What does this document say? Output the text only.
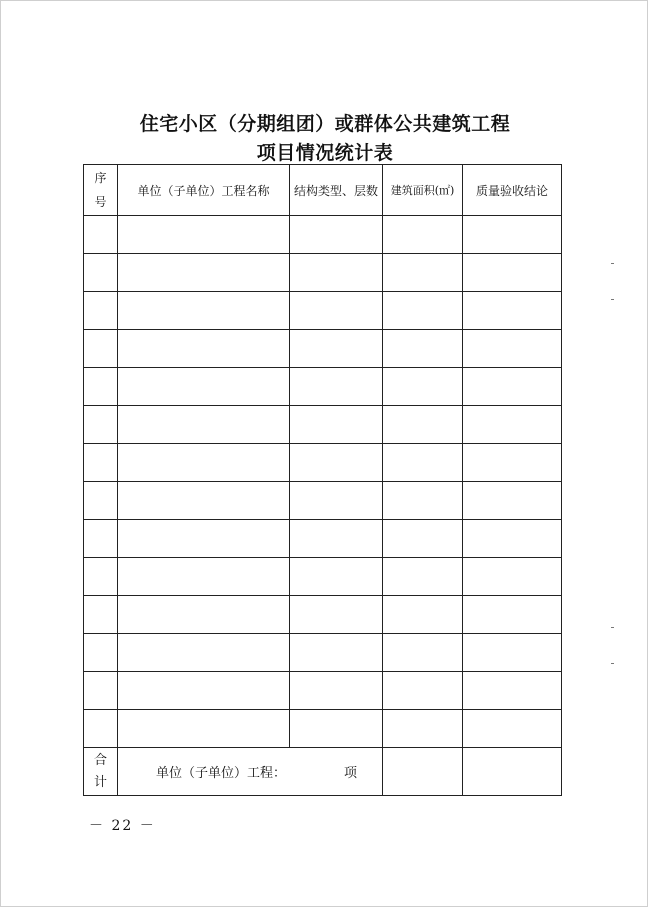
住宅小区（分期组团）或群体公共建筑工程
项目情况统计表
序
号	单位（子单位）工程名称	结构类型、层数	建筑面积(㎡)	质量验收结论

合
计	单位（子单位）工程： 项			
－ 22 －
